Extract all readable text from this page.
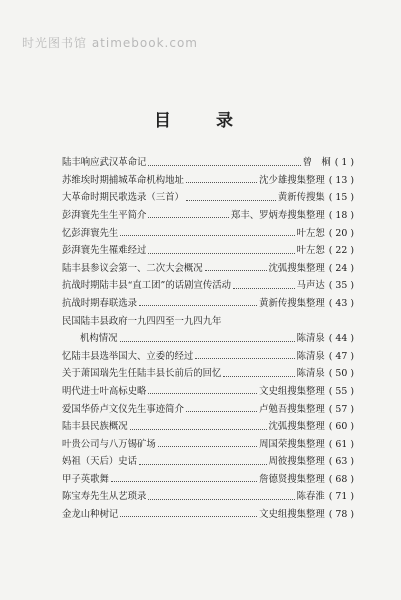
时光图书馆 atimebook.com
目　录
陆丰响应武汉革命记	曾　桐 ( 1 )
苏维埃时期捕城革命机构地址	沈少雄搜集整理 ( 13 )
大革命时期民歌选录（三首）	黄新传搜集 ( 15 )
彭湃寰先生生平简介	郑丰、罗炳寿搜集整理 ( 18 )
忆彭湃寰先生	叶左恕 ( 20 )
彭湃寰先生罹难经过	叶左恕 ( 22 )
陆丰县参议会第一、二次大会概况	沈弧搜集整理 ( 24 )
抗战时期陆丰县“直工团”的话剧宣传活动	马声达 ( 35 )
抗战时期春联选录	黄新传搜集整理 ( 43 )
民国陆丰县政府一九四四至一九四九年
机构情况	陈清泉 ( 44 )
忆陆丰县选举国大、立委的经过	陈清泉 ( 47 )
关于萧国瑞先生任陆丰县长前后的回忆	陈清泉 ( 50 )
明代进士叶高标史略	文史组搜集整理 ( 55 )
爱国华侨卢文仪先生事迹简介	卢勉吾搜集整理 ( 57 )
陆丰县民族概况	沈弧搜集整理 ( 60 )
叶贵公司与八万锡矿场	周国荣搜集整理 ( 61 )
妈祖（天后）史话	周彼搜集整理 ( 63 )
甲子英歌舞	詹德贤搜集整理 ( 68 )
陈宝寿先生从艺琐录	陈春淮 ( 71 )
金龙山种树记	文史组搜集整理 ( 78 )
